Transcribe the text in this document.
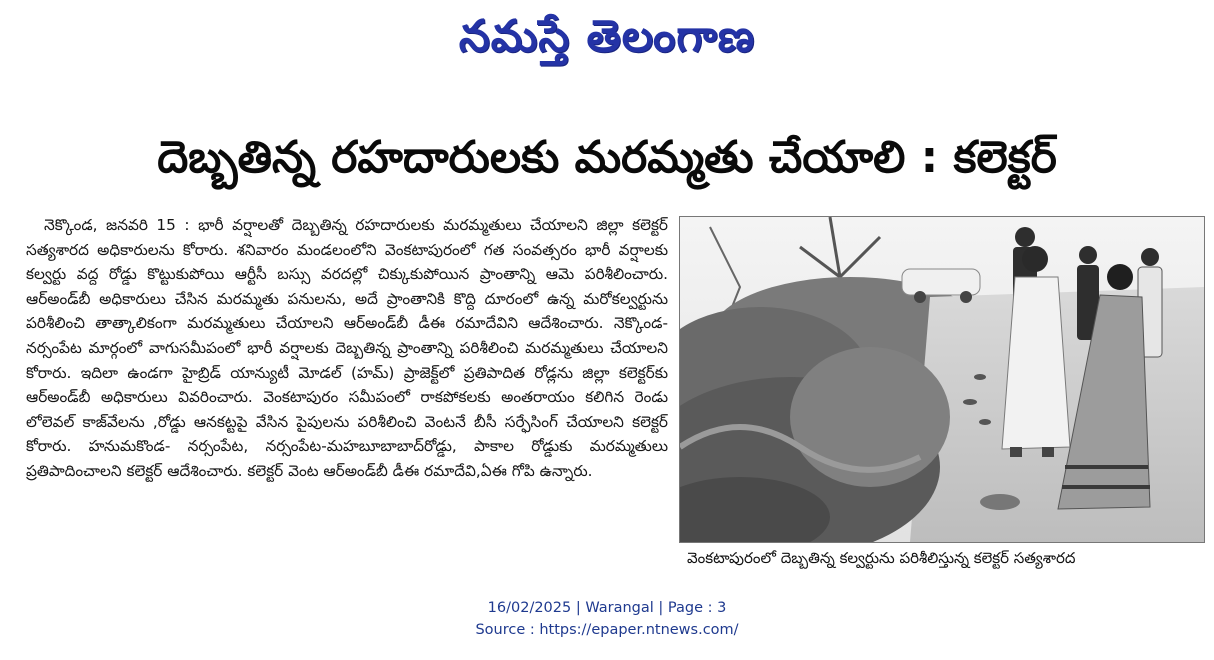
నమస్తే తెలంగాణ
దెబ్బతిన్న రహదారులకు మరమ్మతు చేయాలి : కలెక్టర్

నెక్కొండ, జనవరి 15 : భారీ వర్షాలతో దెబ్బతిన్న రహదారులకు మరమ్మతులు చేయాలని జిల్లా కలెక్టర్ సత్యశారద అధికారులను కోరారు. శనివారం మండలంలోని వెంకటాపురంలో గత సంవత్సరం భారీ వర్షాలకు కల్వర్టు వద్ద రోడ్డు కొట్టుకుపోయి ఆర్టీసీ బస్సు వరదల్లో చిక్కుకుపోయిన ప్రాంతాన్ని ఆమె పరిశీలించారు. ఆర్అండ్‌బీ అధికారులు చేసిన మరమ్మతు పనులను, అదే ప్రాంతానికి కొద్ది దూరంలో ఉన్న మరోకల్వర్టును పరిశీలించి తాత్కాలికంగా మరమ్మతులు చేయాలని ఆర్అండ్‌బీ డీఈ రమాదేవిని ఆదేశించారు. నెక్కొండ- నర్సంపేట మార్గంలో వాగుసమీపంలో భారీ వర్షాలకు దెబ్బతిన్న ప్రాంతాన్ని పరిశీలించి మరమ్మతులు చేయాలని కోరారు. ఇదిలా ఉండగా హైబ్రిడ్ యాన్యుటీ మోడల్ (హమ్) ప్రాజెక్ట్‌లో ప్రతిపాదిత రోడ్లను జిల్లా కలెక్టర్‌కు ఆర్అండ్‌బీ అధికారులు వివరించారు. వెంకటాపురం సమీపంలో రాకపోకలకు అంతరాయం కలిగిన రెండు లోలెవల్ కాజ్‌వేలను ,రోడ్డు ఆనకట్టపై వేసిన పైపులను పరిశీలించి వెంటనే బీసీ సర్ఫేసింగ్ చేయాలని కలెక్టర్ కోరారు. హనుమకొండ- నర్సంపేట, నర్సంపేట-మహబూబాబాద్‌రోడ్డు, పాకాల రోడ్డుకు మరమ్మతులు ప్రతిపాదించాలని కలెక్టర్ ఆదేశించారు. కలెక్టర్ వెంట ఆర్అండ్‌బీ డీఈ రమాదేవి,ఏఈ గోపి ఉన్నారు.

వెంకటాపురంలో దెబ్బతిన్న కల్వర్టును పరిశీలిస్తున్న కలెక్టర్ సత్యశారద
16/02/2025 | Warangal | Page : 3
Source : https://epaper.ntnews.com/
